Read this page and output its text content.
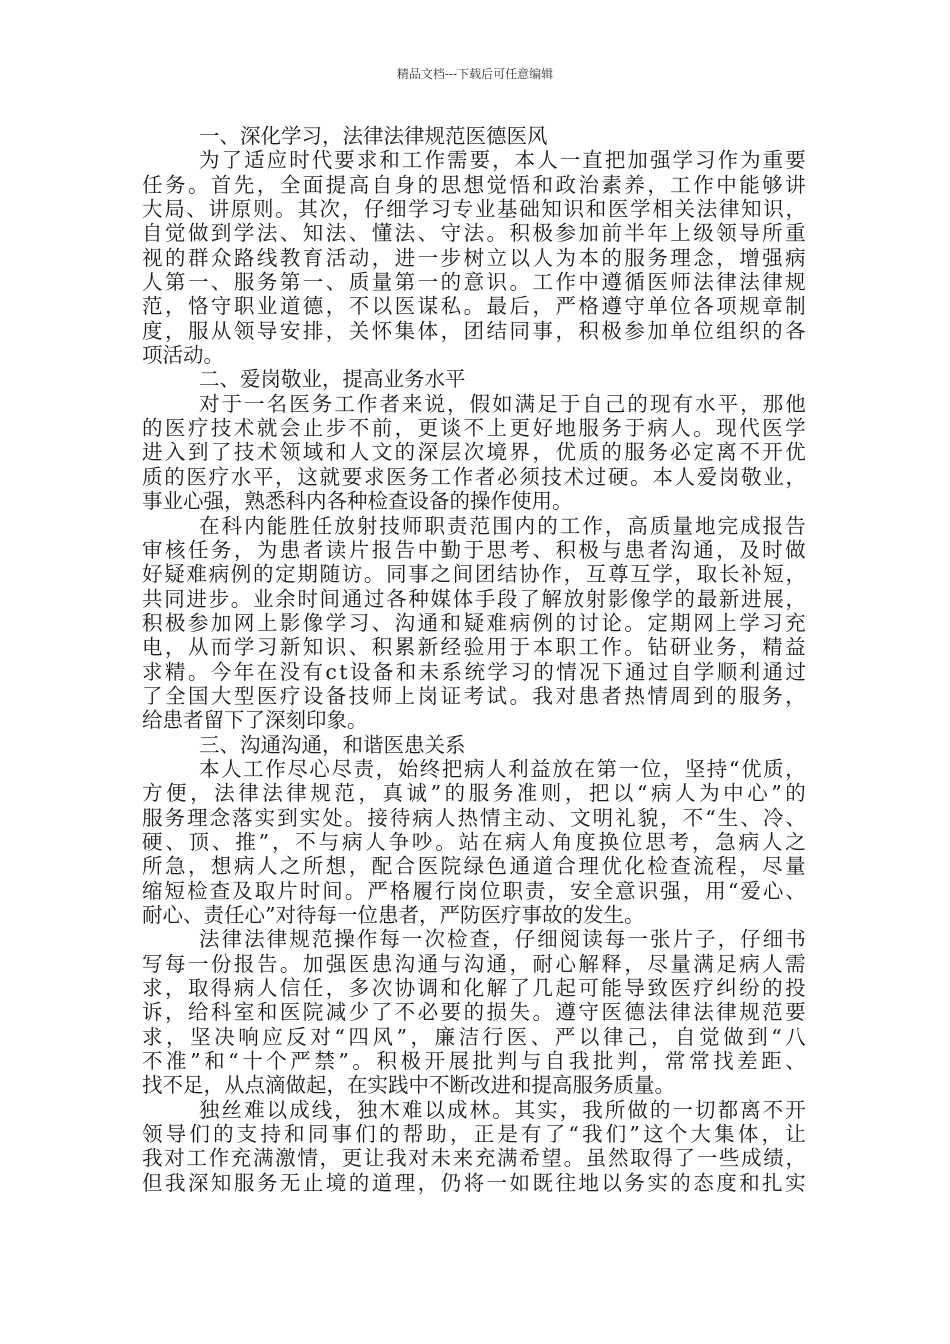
精品文档---下载后可任意编辑
一、深化学习，法律法律规范医德医风
为 了 适 应 时 代 要 求 和 工 作 需 要 ， 本 人 一 直 把 加 强 学 习 作 为 重 要
任 务 。 首 先 ， 全 面 提 高 自 身 的 思 想 觉 悟 和 政 治 素 养 ， 工 作 中 能 够 讲
大 局 、 讲 原 则 。 其 次 ， 仔 细 学 习 专 业 基 础 知 识 和 医 学 相 关 法 律 知 识 ，
自 觉 做 到 学 法 、 知 法 、 懂 法 、 守 法 。 积 极 参 加 前 半 年 上 级 领 导 所 重
视 的 群 众 路 线 教 育 活 动 ， 进 一 步 树 立 以 人 为 本 的 服 务 理 念 ， 增 强 病
人 第 一 、 服 务 第 一 、 质 量 第 一 的 意 识 。 工 作 中 遵 循 医 师 法 律 法 律 规
范 ， 恪 守 职 业 道 德 ， 不 以 医 谋 私 。 最 后 ， 严 格 遵 守 单 位 各 项 规 章 制
度 ， 服 从 领 导 安 排 ， 关 怀 集 体 ， 团 结 同 事 ， 积 极 参 加 单 位 组 织 的 各
项活动。
二、爱岗敬业，提高业务水平
对 于 一 名 医 务 工 作 者 来 说 ， 假 如 满 足 于 自 己 的 现 有 水 平 ， 那 他
的 医 疗 技 术 就 会 止 步 不 前 ， 更 谈 不 上 更 好 地 服 务 于 病 人 。 现 代 医 学
进 入 到 了 技 术 领 域 和 人 文 的 深 层 次 境 界 ， 优 质 的 服 务 必 定 离 不 开 优
质 的 医 疗 水 平 ， 这 就 要 求 医 务 工 作 者 必 须 技 术 过 硬 。 本 人 爱 岗 敬 业 ，
事业心强，熟悉科内各种检查设备的操作使用。
在 科 内 能 胜 任 放 射 技 师 职 责 范 围 内 的 工 作 ， 高 质 量 地 完 成 报 告
审 核 任 务 ， 为 患 者 读 片 报 告 中 勤 于 思 考 、 积 极 与 患 者 沟 通 ， 及 时 做
好 疑 难 病 例 的 定 期 随 访 。 同 事 之 间 团 结 协 作 ， 互 尊 互 学 ， 取 长 补 短 ，
共 同 进 步 。 业 余 时 间 通 过 各 种 媒 体 手 段 了 解 放 射 影 像 学 的 最 新 进 展 ，
积 极 参 加 网 上 影 像 学 习 、 沟 通 和 疑 难 病 例 的 讨 论 。 定 期 网 上 学 习 充
电 ， 从 而 学 习 新 知 识 、 积 累 新 经 验 用 于 本 职 工 作 。 钻 研 业 务 ， 精 益
求 精 。 今 年 在 没 有 c t 设 备 和 未 系 统 学 习 的 情 况 下 通 过 自 学 顺 利 通 过
了 全 国 大 型 医 疗 设 备 技 师 上 岗 证 考 试 。 我 对 患 者 热 情 周 到 的 服 务 ，
给患者留下了深刻印象。
三、沟通沟通，和谐医患关系
本 人 工 作 尽 心 尽 责 ， 始 终 把 病 人 利 益 放 在 第 一 位 ， 坚 持 “ 优 质 ，
方 便 ， 法 律 法 律 规 范 ， 真 诚 ” 的 服 务 准 则 ， 把 以 “ 病 人 为 中 心 ” 的
服 务 理 念 落 实 到 实 处 。 接 待 病 人 热 情 主 动 、 文 明 礼 貌 ， 不 “ 生 、 冷 、
硬 、 顶 、 推 ” ， 不 与 病 人 争 吵 。 站 在 病 人 角 度 换 位 思 考 ， 急 病 人 之
所 急 ， 想 病 人 之 所 想 ， 配 合 医 院 绿 色 通 道 合 理 优 化 检 查 流 程 ， 尽 量
缩 短 检 查 及 取 片 时 间 。 严 格 履 行 岗 位 职 责 ， 安 全 意 识 强 ， 用 “ 爱 心 、
耐心、责任心”对待每一位患者，严防医疗事故的发生。
法 律 法 律 规 范 操 作 每 一 次 检 查 ， 仔 细 阅 读 每 一 张 片 子 ， 仔 细 书
写 每 一 份 报 告 。 加 强 医 患 沟 通 与 沟 通 ， 耐 心 解 释 ， 尽 量 满 足 病 人 需
求 ， 取 得 病 人 信 任 ， 多 次 协 调 和 化 解 了 几 起 可 能 导 致 医 疗 纠 纷 的 投
诉 ， 给 科 室 和 医 院 减 少 了 不 必 要 的 损 失 。 遵 守 医 德 法 律 法 律 规 范 要
求 ， 坚 决 响 应 反 对 “ 四 风 ” ， 廉 洁 行 医 、 严 以 律 己 ， 自 觉 做 到 “ 八
不 准 ” 和 “ 十 个 严 禁 ” 。 积 极 开 展 批 判 与 自 我 批 判 ， 常 常 找 差 距 、
找不足，从点滴做起，在实践中不断改进和提高服务质量。
独 丝 难 以 成 线 ， 独 木 难 以 成 林 。 其 实 ， 我 所 做 的 一 切 都 离 不 开
领 导 们 的 支 持 和 同 事 们 的 帮 助 ， 正 是 有 了 “ 我 们 ” 这 个 大 集 体 ， 让
我 对 工 作 充 满 激 情 ， 更 让 我 对 未 来 充 满 希 望 。 虽 然 取 得 了 一 些 成 绩 ，
但 我 深 知 服 务 无 止 境 的 道 理 ， 仍 将 一 如 既 往 地 以 务 实 的 态 度 和 扎 实
